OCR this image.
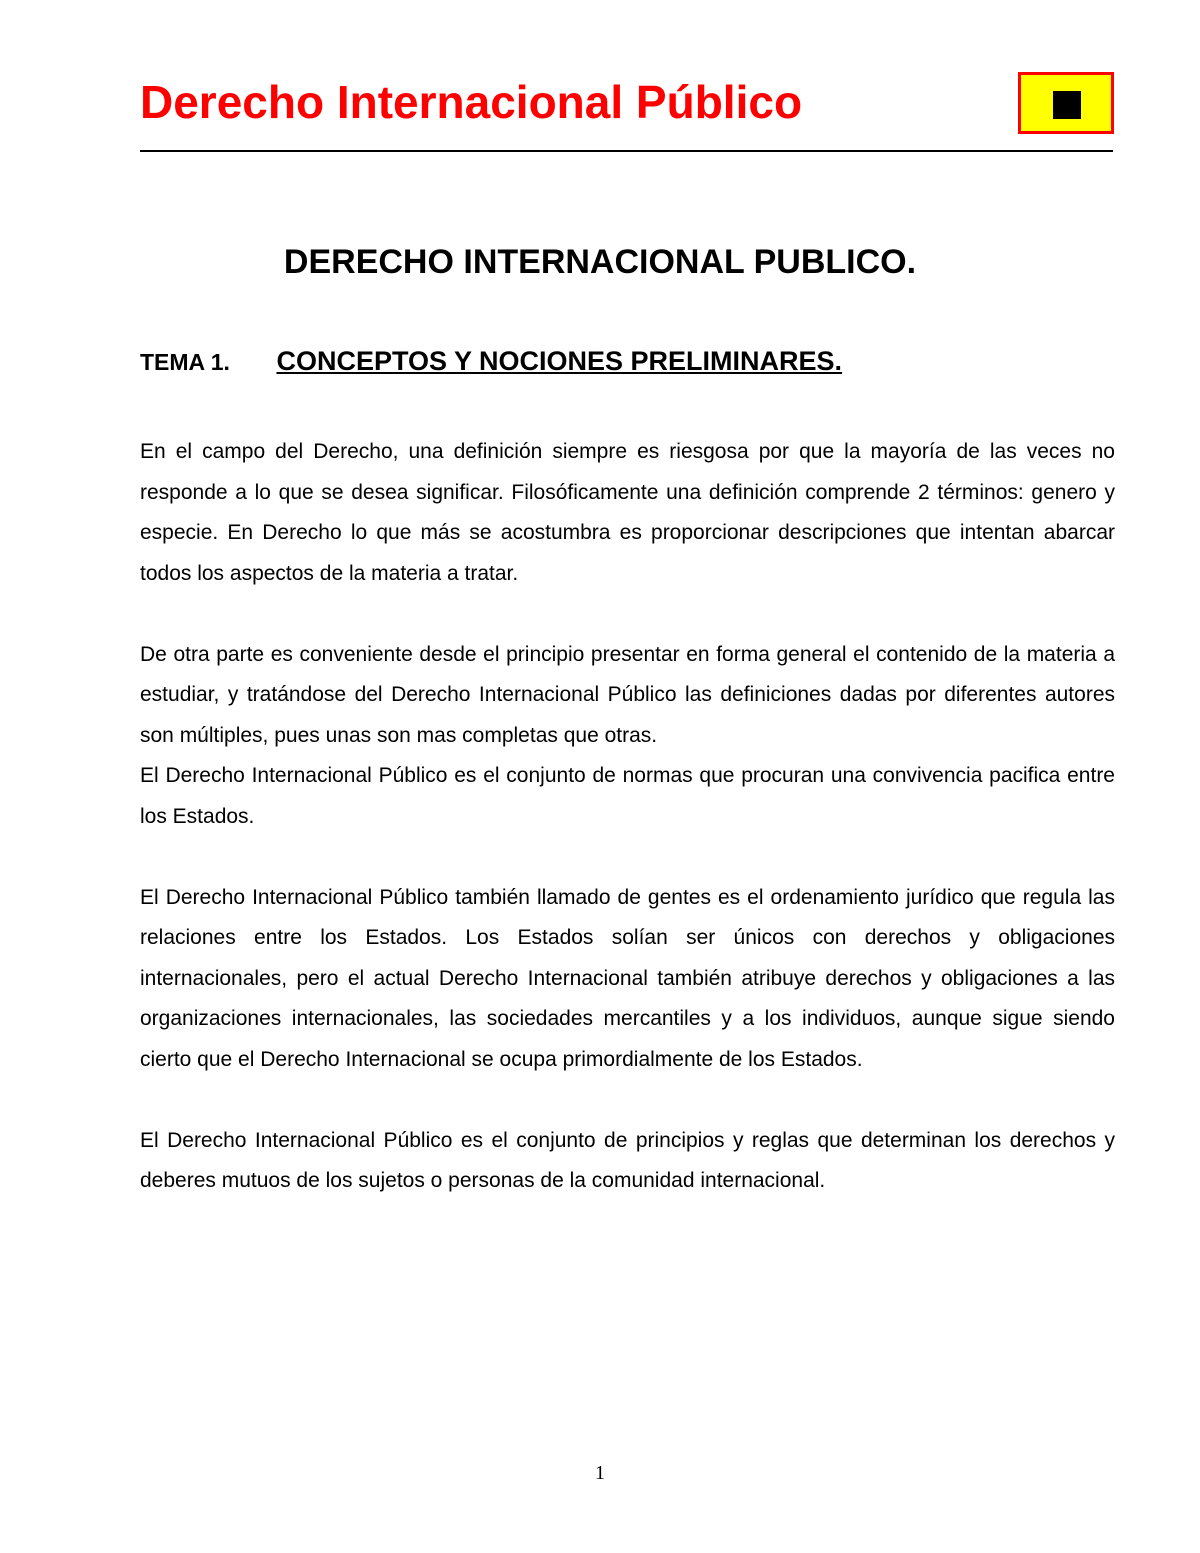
Derecho Internacional Público
DERECHO INTERNACIONAL PUBLICO.
TEMA 1. CONCEPTOS Y NOCIONES PRELIMINARES.

En el campo del Derecho, una definición siempre es riesgosa por que la mayoría de las veces no responde a lo que se desea significar. Filosóficamente una definición comprende 2 términos: genero y especie. En Derecho lo que más se acostumbra es proporcionar descripciones que intentan abarcar todos los aspectos de la materia a tratar.

De otra parte es conveniente desde el principio presentar en forma general el contenido de la materia a estudiar, y tratándose del Derecho Internacional Público las definiciones dadas por diferentes autores son múltiples, pues unas son mas completas que otras.

El Derecho Internacional Público es el conjunto de normas que procuran una convivencia pacifica entre los Estados.

El Derecho Internacional Público también llamado de gentes es el ordenamiento jurídico que regula las relaciones entre los Estados. Los Estados solían ser únicos con derechos y obligaciones internacionales, pero el actual Derecho Internacional también atribuye derechos y obligaciones a las organizaciones internacionales, las sociedades mercantiles y a los individuos, aunque sigue siendo cierto que el Derecho Internacional se ocupa primordialmente de los Estados.

El Derecho Internacional Público es el conjunto de principios y reglas que determinan los derechos y deberes mutuos de los sujetos o personas de la comunidad internacional.

1
